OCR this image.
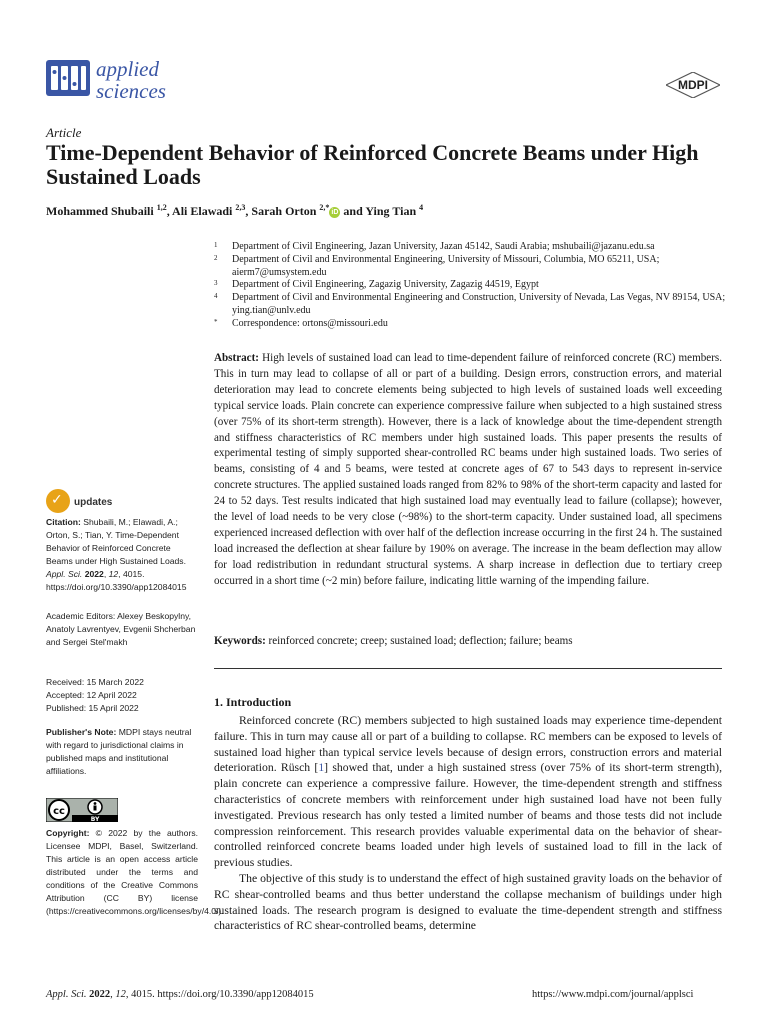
applied
sciences	MDPI
Article
Time-Dependent Behavior of Reinforced Concrete Beams under High Sustained Loads
Mohammed Shubaili $^{1,2}$, Ali Elawadi $^{2,3}$, Sarah Orton $^{2,*}$iD and Ying Tian $^4$
1 Department of Civil Engineering, Jazan University, Jazan 45142, Saudi Arabia; mshubaili@jazanu.edu.sa
2 Department of Civil and Environmental Engineering, University of Missouri, Columbia, MO 65211, USA; aierm7@umsystem.edu
3 Department of Civil Engineering, Zagazig University, Zagazig 44519, Egypt
4 Department of Civil and Environmental Engineering and Construction, University of Nevada, Las Vegas, NV 89154, USA; ying.tian@unlv.edu
* Correspondence: ortons@missouri.edu
Abstract: High levels of sustained load can lead to time-dependent failure of reinforced concrete (RC) members. This in turn may lead to collapse of all or part of a building. Design errors, construction errors, and material deterioration may lead to concrete elements being subjected to high levels of sustained loads well exceeding typical service loads. Plain concrete can experience compressive failure when subjected to a high sustained stress (over 75% of its short-term strength). However, there is a lack of knowledge about the time-dependent strength and stiffness characteristics of RC members under high sustained loads. This paper presents the results of experimental testing of simply supported shear-controlled RC beams under high sustained loads. Two series of beams, consisting of 4 and 5 beams, were tested at concrete ages of 67 to 543 days to represent in-service concrete structures. The applied sustained loads ranged from 82% to 98% of the short-term capacity and lasted for 24 to 52 days. Test results indicated that high sustained load may eventually lead to failure (collapse); however, the level of load needs to be very close (~98%) to the short-term capacity. Under sustained load, all specimens experienced increased deflection with over half of the deflection increase occurring in the first 24 h. The sustained load increased the deflection at shear failure by 190% on average. The increase in the beam deflection may allow for load redistribution in redundant structural systems. A sharp increase in deflection due to tertiary creep occurred in a short time (~2 min) before failure, indicating little warning of the impending failure.
Keywords: reinforced concrete; creep; sustained load; deflection; failure; beams
1. Introduction

Reinforced concrete (RC) members subjected to high sustained loads may experience time-dependent failure. This in turn may cause all or part of a building to collapse. RC members can be exposed to levels of sustained load higher than typical service levels because of design errors, construction errors and material deterioration. Rüsch [1] showed that, under a high sustained stress (over 75% of its short-term strength), plain concrete can experience a compressive failure. However, the time-dependent strength and stiffness characteristics of concrete members with reinforcement under high sustained load have not been fully investigated. Previous research has only tested a limited number of beams and those tests did not include compression reinforcement. This research provides valuable experimental data on the behavior of shear-controlled reinforced concrete beams loaded under high levels of sustained load to fill in the lack of previous studies.

The objective of this study is to understand the effect of high sustained gravity loads on the behavior of RC shear-controlled beams and thus better understand the collapse mechanism of buildings under high sustained loads. The research program is designed to evaluate the time-dependent strength and stiffness characteristics of RC shear-controlled beams, determine

✓ updates
Citation: Shubaili, M.; Elawadi, A.; Orton, S.; Tian, Y. Time-Dependent Behavior of Reinforced Concrete Beams under High Sustained Loads. Appl. Sci. 2022, 12, 4015. https://doi.org/10.3390/app12084015
Academic Editors: Alexey Beskopylny, Anatoly Lavrentyev, Evgenii Shcherban and Sergei Stel'makh
Received: 15 March 2022
Accepted: 12 April 2022
Published: 15 April 2022
Publisher's Note: MDPI stays neutral with regard to jurisdictional claims in published maps and institutional affiliations.
cc
BY
Copyright: © 2022 by the authors. Licensee MDPI, Basel, Switzerland. This article is an open access article distributed under the terms and conditions of the Creative Commons Attribution (CC BY) license (https://creativecommons.org/licenses/by/4.0/).
Appl. Sci. 2022, 12, 4015. https://doi.org/10.3390/app12084015	https://www.mdpi.com/journal/applsci
